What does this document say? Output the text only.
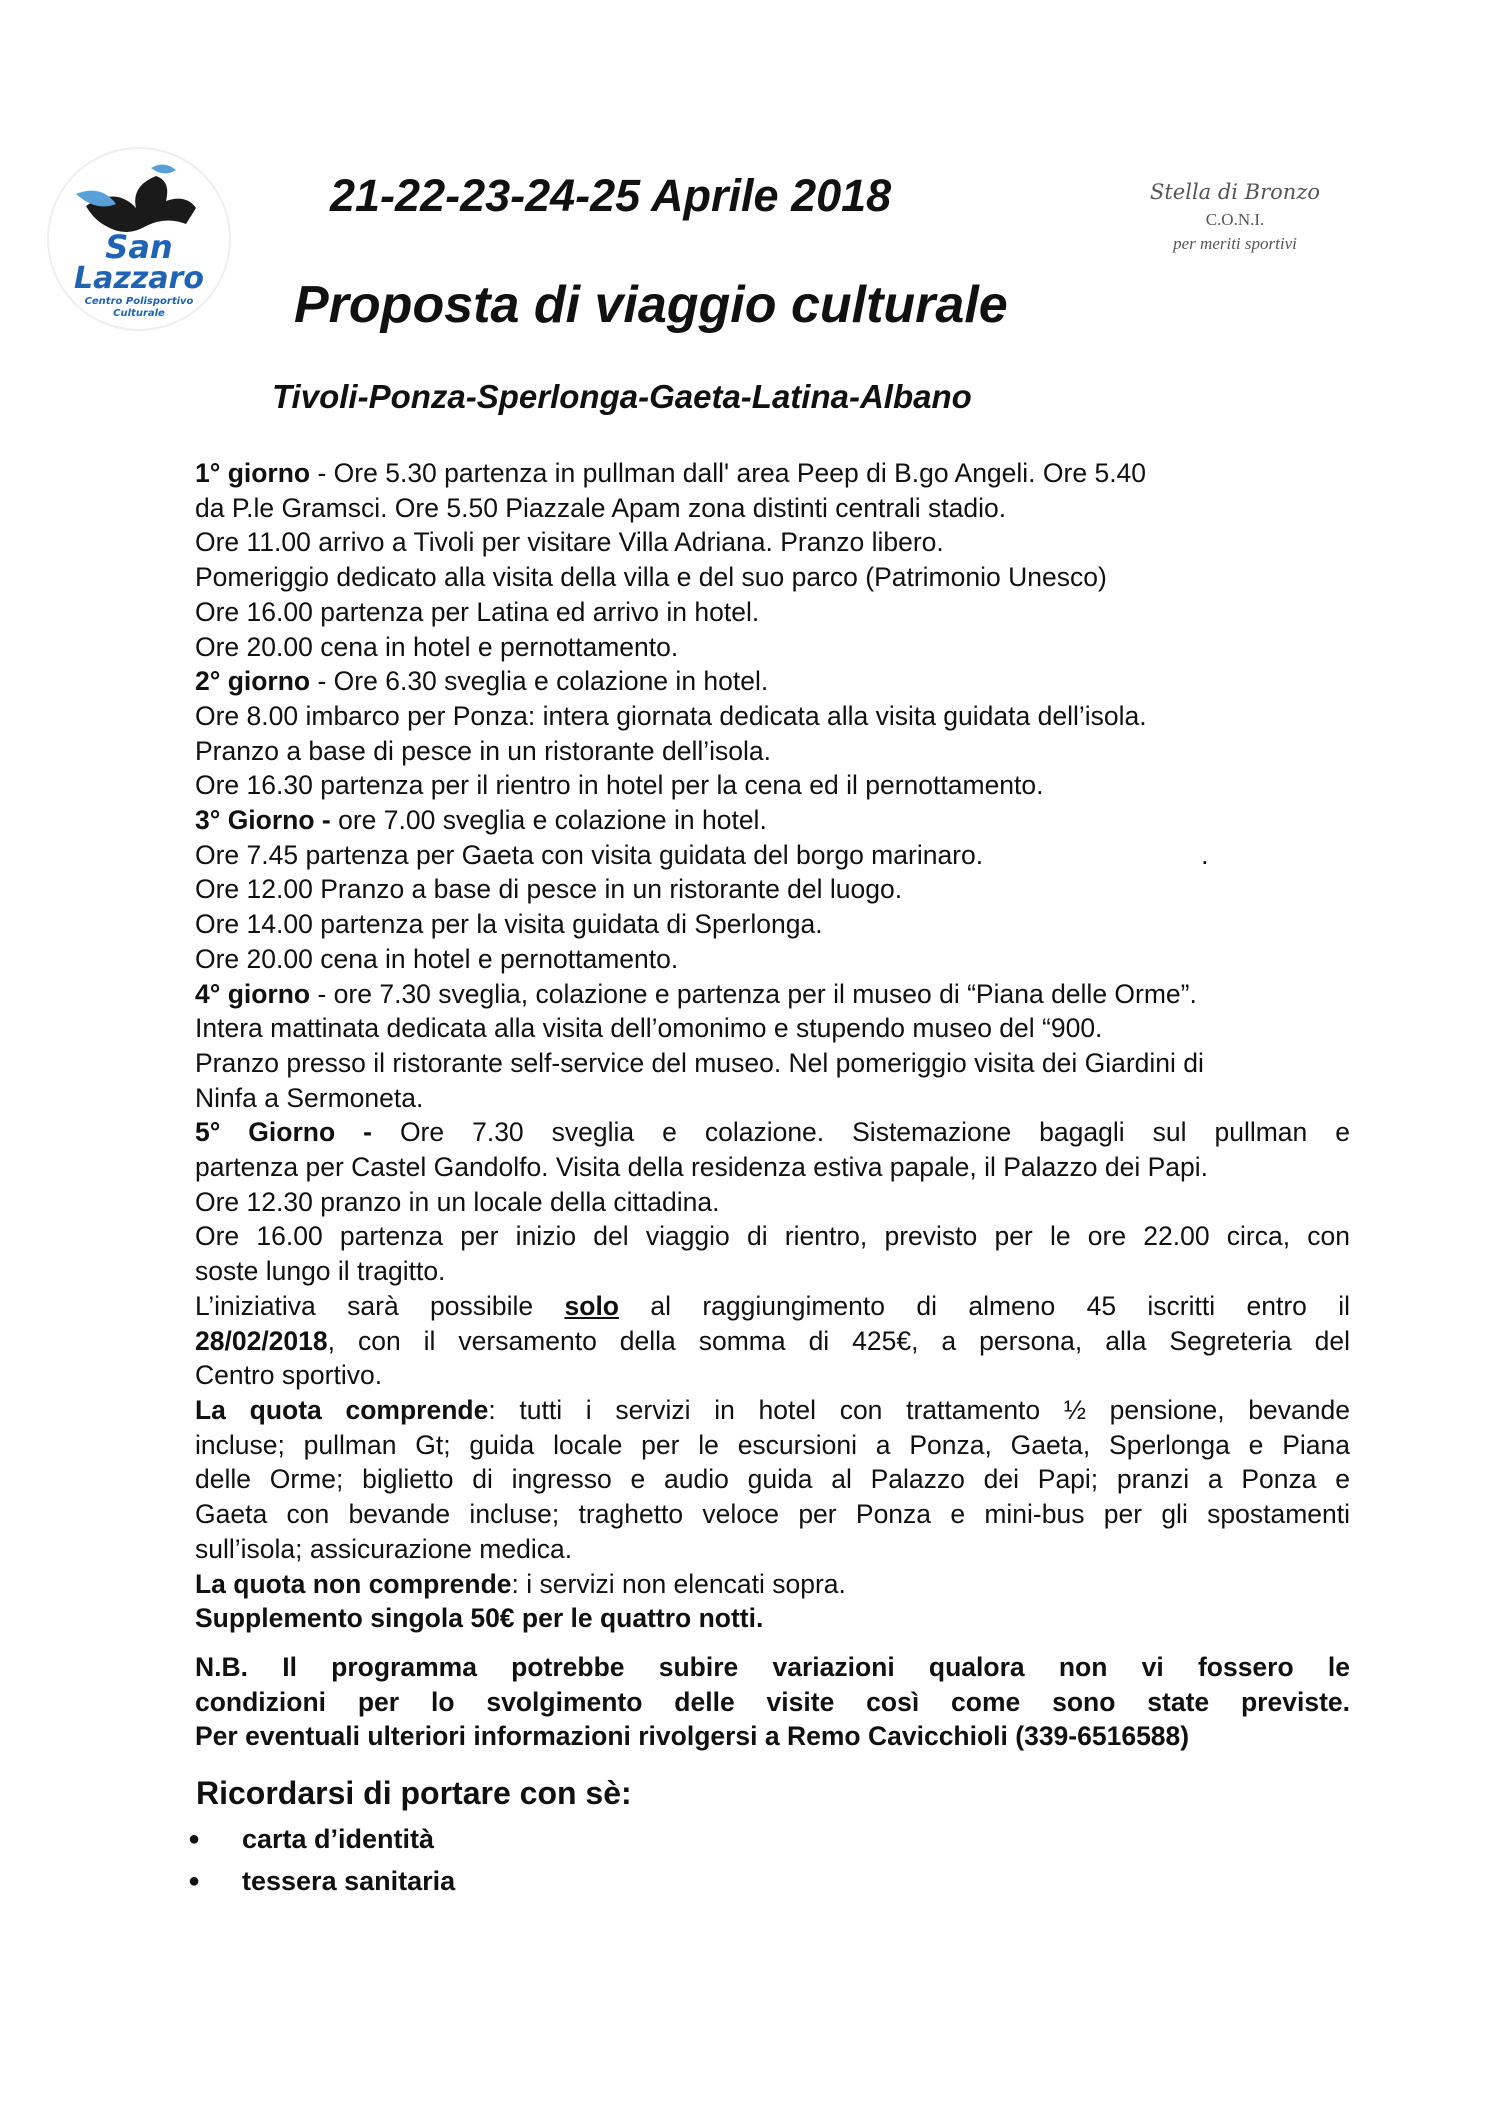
San
Lazzaro
Centro Polisportivo
Culturale
Stella di Bronzo
C.O.N.I.
per meriti sportivi
21-22-23-24-25 Aprile 2018
Proposta di viaggio culturale
Tivoli-Ponza-Sperlonga-Gaeta-Latina-Albano
1° giorno - Ore 5.30 partenza in pullman dall' area Peep di B.go Angeli. Ore 5.40
da P.le Gramsci. Ore 5.50 Piazzale Apam zona distinti centrali stadio.
Ore 11.00 arrivo a Tivoli per visitare Villa Adriana. Pranzo libero.
Pomeriggio dedicato alla visita della villa e del suo parco (Patrimonio Unesco)
Ore 16.00 partenza per Latina ed arrivo in hotel.
Ore 20.00 cena in hotel e pernottamento.
2° giorno - Ore 6.30 sveglia e colazione in hotel.
Ore 8.00 imbarco per Ponza: intera giornata dedicata alla visita guidata dell’isola.
Pranzo a base di pesce in un ristorante dell’isola.
Ore 16.30 partenza per il rientro in hotel per la cena ed il pernottamento.
3° Giorno - ore 7.00 sveglia e colazione in hotel.
Ore 7.45 partenza per Gaeta con visita guidata del borgo marinaro.	.
Ore 12.00 Pranzo a base di pesce in un ristorante del luogo.
Ore 14.00 partenza per la visita guidata di Sperlonga.
Ore 20.00 cena in hotel e pernottamento.
4° giorno - ore 7.30 sveglia, colazione e partenza per il museo di “Piana delle Orme”.
Intera mattinata dedicata alla visita dell’omonimo e stupendo museo del “900.
Pranzo presso il ristorante self-service del museo. Nel pomeriggio visita dei Giardini di
Ninfa a Sermoneta.
5° Giorno - Ore 7.30 sveglia e colazione. Sistemazione bagagli sul pullman e
partenza per Castel Gandolfo. Visita della residenza estiva papale, il Palazzo dei Papi.
Ore 12.30 pranzo in un locale della cittadina.
Ore 16.00 partenza per inizio del viaggio di rientro, previsto per le ore 22.00 circa, con
soste lungo il tragitto.
L’iniziativa sarà possibile solo al raggiungimento di almeno 45 iscritti entro il
28/02/2018, con il versamento della somma di 425€, a persona, alla Segreteria del
Centro sportivo.
La quota comprende: tutti i servizi in hotel con trattamento ½ pensione, bevande
incluse; pullman Gt; guida locale per le escursioni a Ponza, Gaeta, Sperlonga e Piana
delle Orme; biglietto di ingresso e audio guida al Palazzo dei Papi; pranzi a Ponza e
Gaeta con bevande incluse; traghetto veloce per Ponza e mini-bus per gli spostamenti
sull’isola; assicurazione medica.
La quota non comprende: i servizi non elencati sopra.
Supplemento singola 50€ per le quattro notti.
N.B. Il programma potrebbe subire variazioni qualora non vi fossero le
condizioni per lo svolgimento delle visite così come sono state previste.
Per eventuali ulteriori informazioni rivolgersi a Remo Cavicchioli (339-6516588)
Ricordarsi di portare con sè:
●	carta d’identità
●	tessera sanitaria
